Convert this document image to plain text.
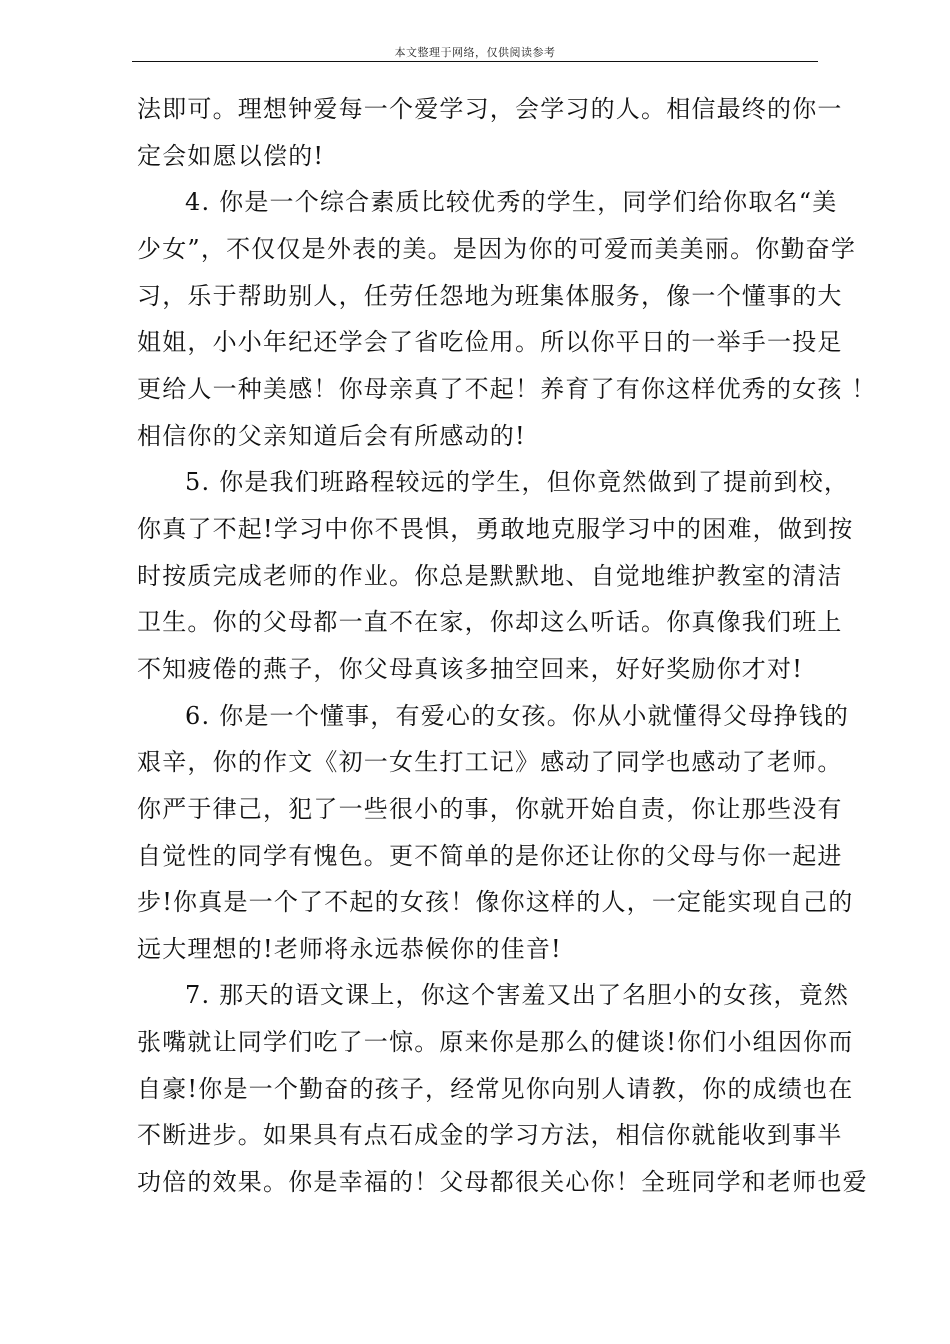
本文整理于网络，仅供阅读参考
法即可。理想钟爱每一个爱学习，会学习的人。相信最终的你一
定会如愿以偿的!
4. 你是一个综合素质比较优秀的学生，同学们给你取名“美
少女”，不仅仅是外表的美。是因为你的可爱而美美丽。你勤奋学
习，乐于帮助别人，任劳任怨地为班集体服务，像一个懂事的大
姐姐，小小年纪还学会了省吃俭用。所以你平日的一举手一投足
更给人一种美感！你母亲真了不起！养育了有你这样优秀的女孩 ！
相信你的父亲知道后会有所感动的!
5. 你是我们班路程较远的学生，但你竟然做到了提前到校，
你真了不起!学习中你不畏惧，勇敢地克服学习中的困难，做到按
时按质完成老师的作业。你总是默默地、自觉地维护教室的清洁
卫生。你的父母都一直不在家，你却这么听话。你真像我们班上
不知疲倦的燕子，你父母真该多抽空回来，好好奖励你才对!
6. 你是一个懂事，有爱心的女孩。你从小就懂得父母挣钱的
艰辛，你的作文《初一女生打工记》感动了同学也感动了老师。
你严于律己，犯了一些很小的事，你就开始自责，你让那些没有
自觉性的同学有愧色。更不简单的是你还让你的父母与你一起进
步!你真是一个了不起的女孩！像你这样的人，一定能实现自己的
远大理想的!老师将永远恭候你的佳音!
7. 那天的语文课上，你这个害羞又出了名胆小的女孩，竟然
张嘴就让同学们吃了一惊。原来你是那么的健谈!你们小组因你而
自豪!你是一个勤奋的孩子，经常见你向别人请教，你的成绩也在
不断进步。如果具有点石成金的学习方法，相信你就能收到事半
功倍的效果。你是幸福的！父母都很关心你！全班同学和老师也爱
